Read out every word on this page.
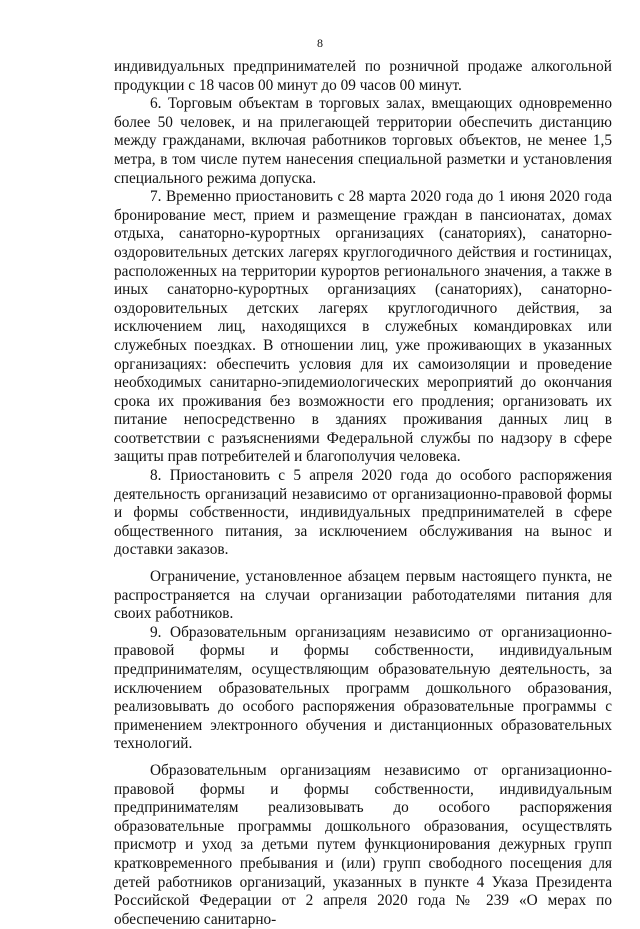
8

индивидуальных предпринимателей по розничной продаже алкогольной продукции с 18 часов 00 минут до 09 часов 00 минут.

6. Торговым объектам в торговых залах, вмещающих одновременно более 50 человек, и на прилегающей территории обеспечить дистанцию между гражданами, включая работников торговых объектов, не менее 1,5 метра, в том числе путем нанесения специальной разметки и установления специального режима допуска.

7. Временно приостановить с 28 марта 2020 года до 1 июня 2020 года бронирование мест, прием и размещение граждан в пансионатах, домах отдыха, санаторно-курортных организациях (санаториях), санаторно-оздоровительных детских лагерях круглогодичного действия и гостиницах, расположенных на территории курортов регионального значения, а также в иных санаторно-курортных организациях (санаториях), санаторно-оздоровительных детских лагерях круглогодичного действия, за исключением лиц, находящихся в служебных командировках или служебных поездках. В отношении лиц, уже проживающих в указанных организациях: обеспечить условия для их самоизоляции и проведение необходимых санитарно-эпидемиологических мероприятий до окончания срока их проживания без возможности его продления; организовать их питание непосредственно в зданиях проживания данных лиц в соответствии с разъяснениями Федеральной службы по надзору в сфере защиты прав потребителей и благополучия человека.

8. Приостановить с 5 апреля 2020 года до особого распоряжения деятельность организаций независимо от организационно-правовой формы и формы собственности, индивидуальных предпринимателей в сфере общественного питания, за исключением обслуживания на вынос и доставки заказов.

Ограничение, установленное абзацем первым настоящего пункта, не распространяется на случаи организации работодателями питания для своих работников.

9. Образовательным организациям независимо от организационно-правовой формы и формы собственности, индивидуальным предпринимателям, осуществляющим образовательную деятельность, за исключением образовательных программ дошкольного образования, реализовывать до особого распоряжения образовательные программы с применением электронного обучения и дистанционных образовательных технологий.

Образовательным организациям независимо от организационно-правовой формы и формы собственности, индивидуальным предпринимателям реализовывать до особого распоряжения образовательные программы дошкольного образования, осуществлять присмотр и уход за детьми путем функционирования дежурных групп кратковременного пребывания и (или) групп свободного посещения для детей работников организаций, указанных в пункте 4 Указа Президента Российской Федерации от 2 апреля 2020 года № 239 «О мерах по обеспечению санитарно-
